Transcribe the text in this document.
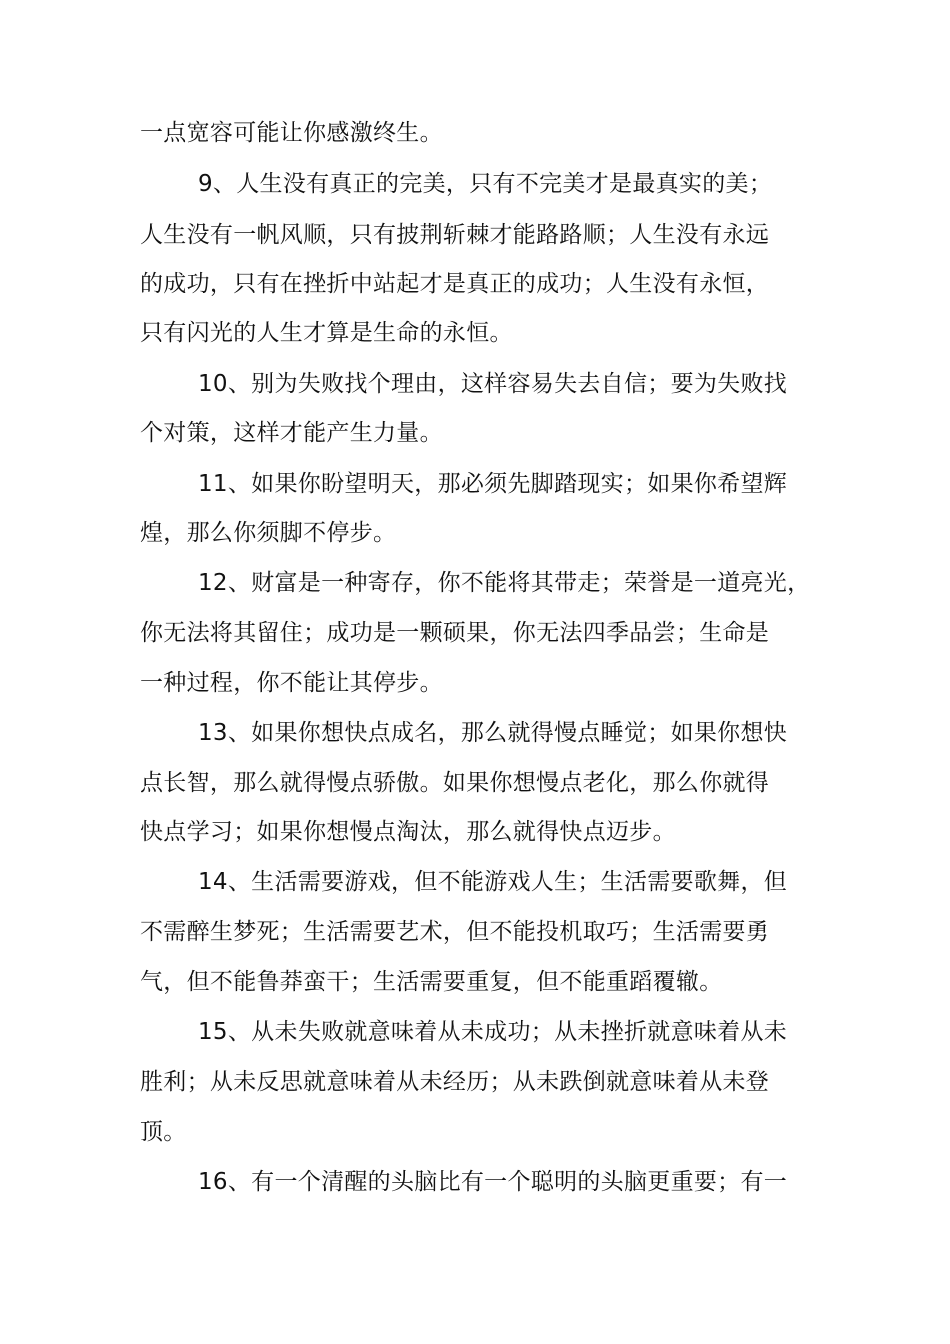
一点宽容可能让你感激终生。
9、人生没有真正的完美，只有不完美才是最真实的美；
人生没有一帆风顺，只有披荆斩棘才能路路顺；人生没有永远
的成功，只有在挫折中站起才是真正的成功；人生没有永恒，
只有闪光的人生才算是生命的永恒。
10、别为失败找个理由，这样容易失去自信；要为失败找
个对策，这样才能产生力量。
11、如果你盼望明天，那必须先脚踏现实；如果你希望辉
煌，那么你须脚不停步。
12、财富是一种寄存，你不能将其带走；荣誉是一道亮光，
你无法将其留住；成功是一颗硕果，你无法四季品尝；生命是
一种过程，你不能让其停步。
13、如果你想快点成名，那么就得慢点睡觉；如果你想快
点长智，那么就得慢点骄傲。如果你想慢点老化，那么你就得
快点学习；如果你想慢点淘汰，那么就得快点迈步。
14、生活需要游戏，但不能游戏人生；生活需要歌舞，但
不需醉生梦死；生活需要艺术，但不能投机取巧；生活需要勇
气，但不能鲁莽蛮干；生活需要重复，但不能重蹈覆辙。
15、从未失败就意味着从未成功；从未挫折就意味着从未
胜利；从未反思就意味着从未经历；从未跌倒就意味着从未登
顶。
16、有一个清醒的头脑比有一个聪明的头脑更重要；有一
